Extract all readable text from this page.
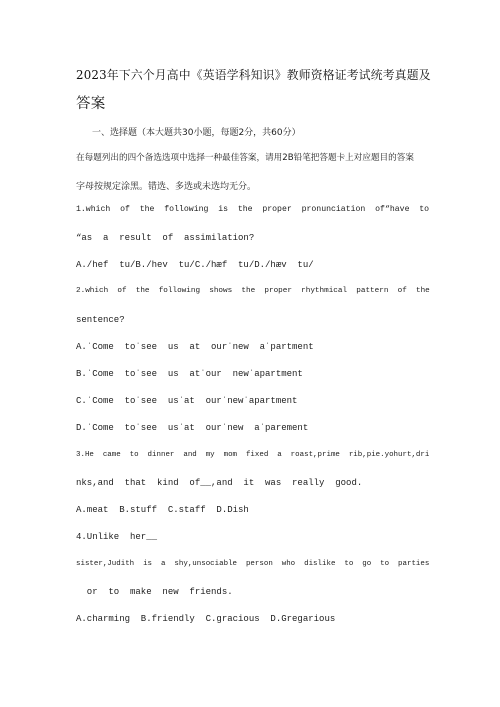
2023年下六个月高中《英语学科知识》教师资格证考试统考真题及

答案

一、选择题（本大题共30小题，每题2分，共60分）

在每题列出的四个备选选项中选择一种最佳答案，请用2B铅笔把答题卡上对应题目的答案

字母按规定涂黑。错选、多选或未选均无分。

1.which  of  the  following  is  the  proper  pronunciation  of“have  to

“as  a  result  of  assimilation?

A./hef  tu/B./hev  tu/C./hæf  tu/D./hæv  tu/

2.which  of  the  following  shows  the  proper  rhythmical  pattern  of  the

sentence?

A.ˈCome  toˈsee  us  at  ourˈnew  aˈpartment

B.ˈCome  toˈsee  us  atˈour  newˈapartment

C.ˈCome  toˈsee  usˈat  ourˈnewˈapartment

D.ˈCome  toˈsee  usˈat  ourˈnew  aˈparement

3.He  came  to  dinner  and  my  mom  fixed  a  roast,prime  rib,pie.yohurt,dri

nks,and  that  kind  of__,and  it  was  really  good.

A.meat  B.stuff  C.staff  D.Dish

4.Unlike  her__

sister,Judith  is  a  shy,unsociable  person  who  dislike  to  go  to  parties

or  to  make  new  friends.

A.charming  B.friendly  C.gracious  D.Gregarious
